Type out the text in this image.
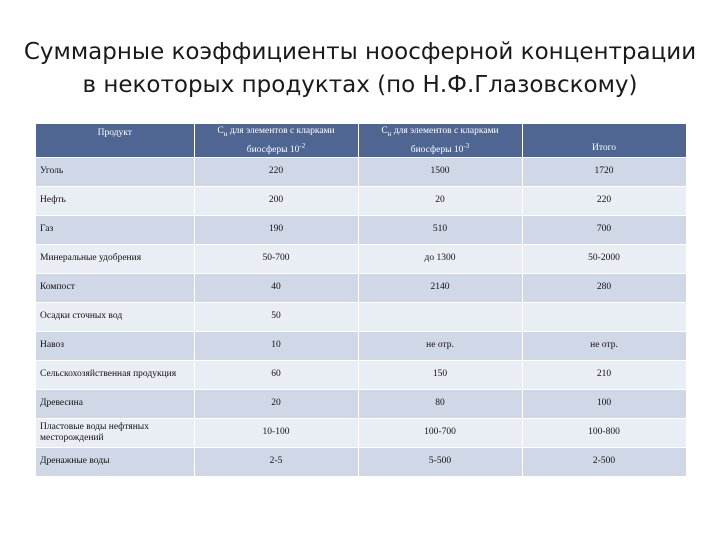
Суммарные коэффициенты ноосферной концентрации
в некоторых продуктах (по Н.Ф.Глазовскому)
Продукт	$С_н$ для элементов с кларками биосферы $10^{-2}$	$С_н$ для элементов с кларками биосферы $10^{-3}$	Итого
Уголь	220	1500	1720
Нефть	200	20	220
Газ	190	510	700
Минеральные удобрения	50-700	до 1300	50-2000
Компост	40	2140	280
Осадки сточных вод	50		
Навоз	10	не отр.	не отр.
Сельскохозяйственная продукция	60	150	210
Древесина	20	80	100
Пластовые воды нефтяных месторождений	10-100	100-700	100-800
Дренажные воды	2-5	5-500	2-500
